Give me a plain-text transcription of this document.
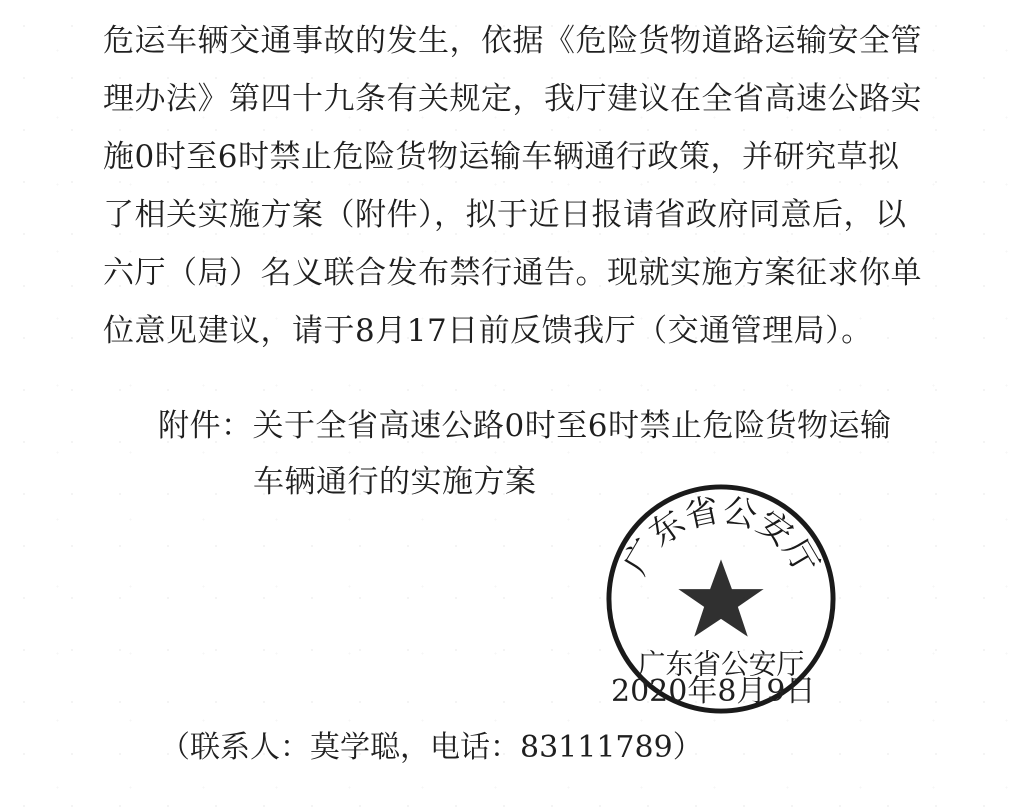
危运车辆交通事故的发生，依据《危险货物道路运输安全管
理办法》第四十九条有关规定，我厅建议在全省高速公路实
施0时至6时禁止危险货物运输车辆通行政策，并研究草拟
了相关实施方案（附件），拟于近日报请省政府同意后，以
六厅（局）名义联合发布禁行通告。现就实施方案征求你单
位意见建议，请于8月17日前反馈我厅（交通管理局）。
附件：关于全省高速公路0时至6时禁止危险货物运输
车辆通行的实施方案
广东省公安厅
广东省公安厅
2020年8月9日
（联系人：莫学聪，电话：83111789）
